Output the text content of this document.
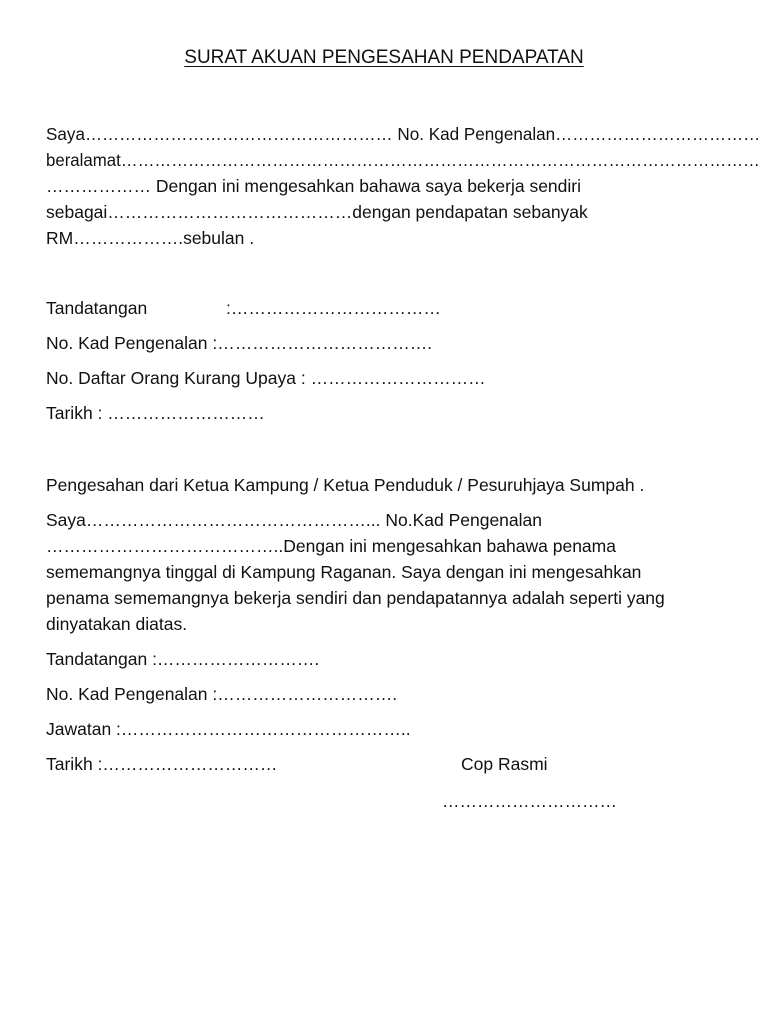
SURAT AKUAN PENGESAHAN PENDAPATAN
Saya……………………………………………… No. Kad Pengenalan………………………………
beralamat……………………………………………………………………………………………………
……………… Dengan ini mengesahkan bahawa saya bekerja sendiri
sebagai……………………………………dengan pendapatan sebanyak
RM……………….sebulan .
Tandatangan	:………………………………
No. Kad Pengenalan :……………………………….
No. Daftar Orang Kurang Upaya : …………………………
Tarikh : ………………………
Pengesahan dari Ketua Kampung / Ketua Penduduk / Pesuruhjaya Sumpah .
Saya…………………………………………... No.Kad Pengenalan
…………………………………..Dengan ini mengesahkan bahawa penama
sememangnya tinggal di Kampung Raganan. Saya dengan ini mengesahkan
penama sememangnya bekerja sendiri dan pendapatannya adalah seperti yang
dinyatakan diatas.
Tandatangan :……………………….
No. Kad Pengenalan :………………………….
Jawatan :…………………………………………..
Tarikh :…………………………	Cop Rasmi
…………………………
